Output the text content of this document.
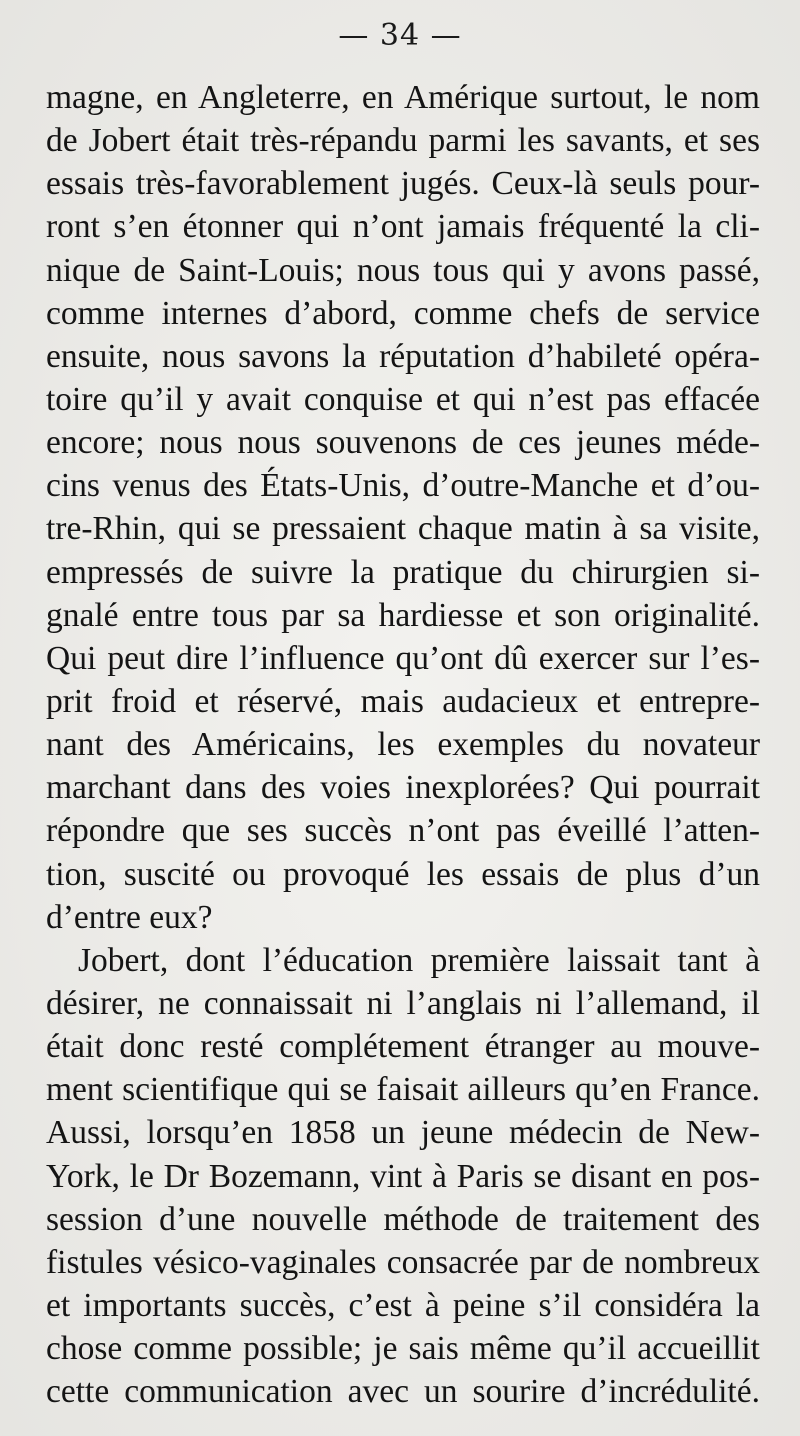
— 34 —
magne, en Angleterre, en Amérique surtout, le nom
de Jobert était très-répandu parmi les savants, et ses
essais très-favorablement jugés. Ceux-là seuls pour-
ront s’en étonner qui n’ont jamais fréquenté la cli-
nique de Saint-Louis; nous tous qui y avons passé,
comme internes d’abord, comme chefs de service
ensuite, nous savons la réputation d’habileté opéra-
toire qu’il y avait conquise et qui n’est pas effacée
encore; nous nous souvenons de ces jeunes méde-
cins venus des États-Unis, d’outre-Manche et d’ou-
tre-Rhin, qui se pressaient chaque matin à sa visite,
empressés de suivre la pratique du chirurgien si-
gnalé entre tous par sa hardiesse et son originalité.
Qui peut dire l’influence qu’ont dû exercer sur l’es-
prit froid et réservé, mais audacieux et entrepre-
nant des Américains, les exemples du novateur
marchant dans des voies inexplorées? Qui pourrait
répondre que ses succès n’ont pas éveillé l’atten-
tion, suscité ou provoqué les essais de plus d’un
d’entre eux?
Jobert, dont l’éducation première laissait tant à
désirer, ne connaissait ni l’anglais ni l’allemand, il
était donc resté complétement étranger au mouve-
ment scientifique qui se faisait ailleurs qu’en France.
Aussi, lorsqu’en 1858 un jeune médecin de New-
York, le Dr Bozemann, vint à Paris se disant en pos-
session d’une nouvelle méthode de traitement des
fistules vésico-vaginales consacrée par de nombreux
et importants succès, c’est à peine s’il considéra la
chose comme possible; je sais même qu’il accueillit
cette communication avec un sourire d’incrédulité.
